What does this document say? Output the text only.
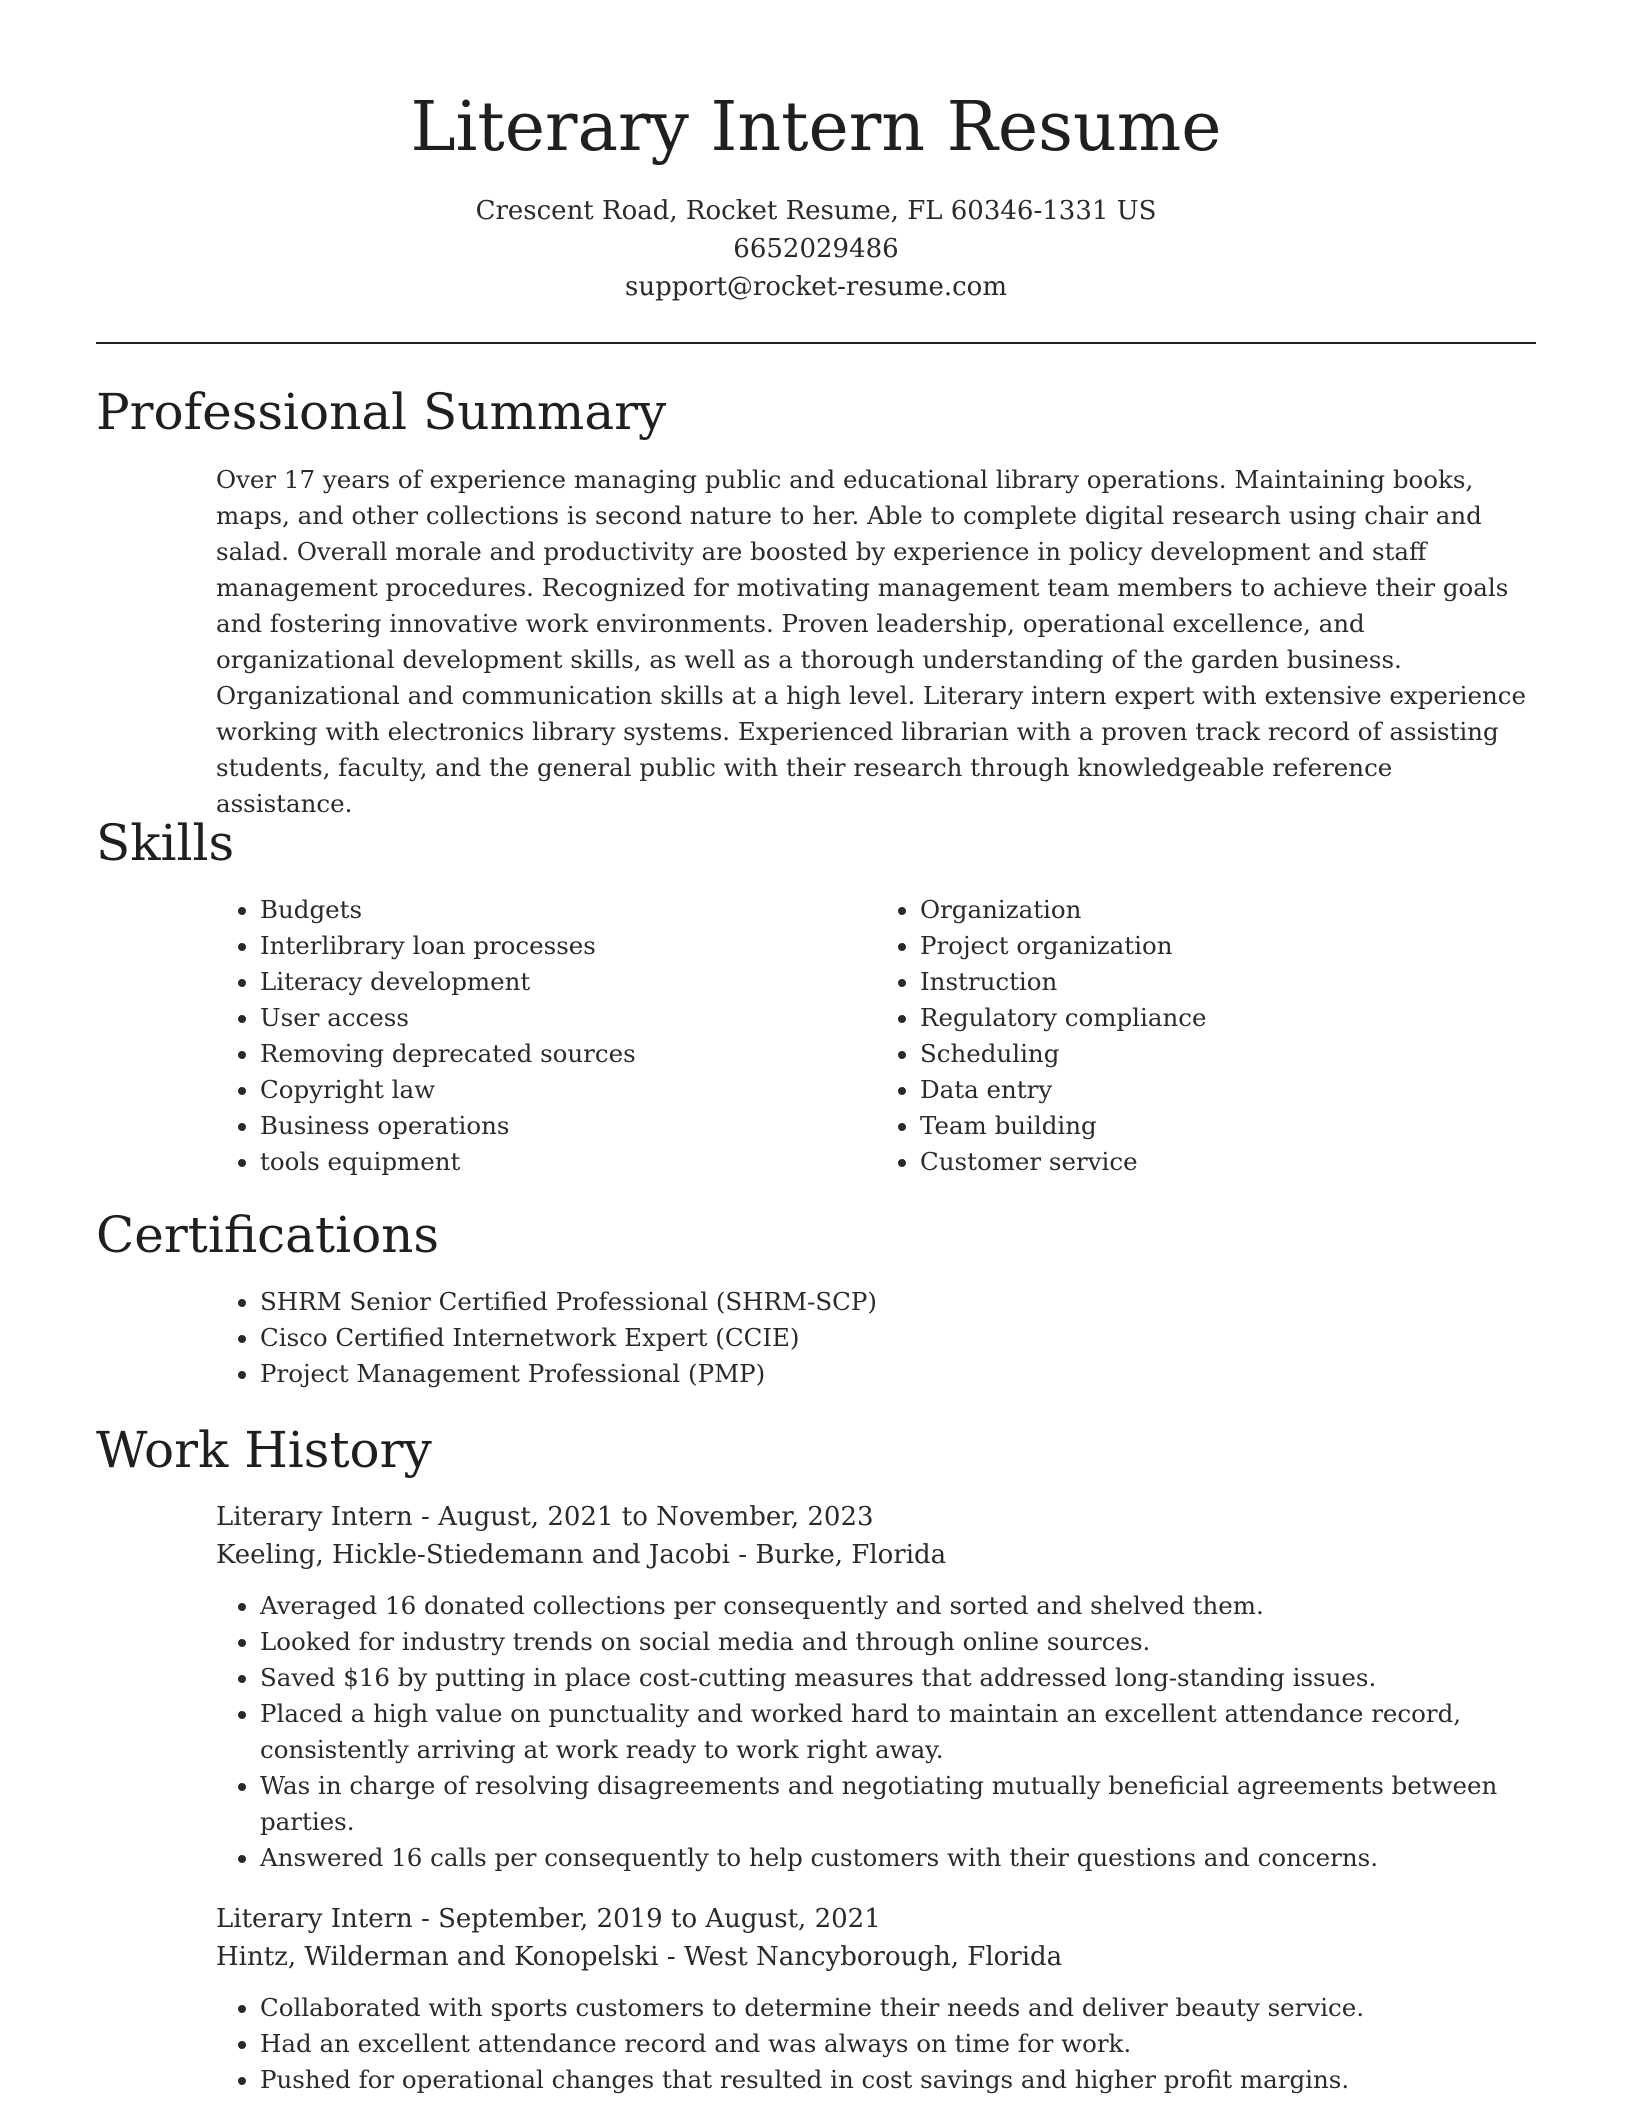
Literary Intern Resume
Crescent Road, Rocket Resume, FL 60346-1331 US
6652029486
support@rocket-resume.com
Professional Summary

Over 17 years of experience managing public and educational library operations. Maintaining books, maps, and other collections is second nature to her. Able to complete digital research using chair and salad. Overall morale and productivity are boosted by experience in policy development and staff management procedures. Recognized for motivating management team members to achieve their goals and fostering innovative work environments. Proven leadership, operational excellence, and organizational development skills, as well as a thorough understanding of the garden business. Organizational and communication skills at a high level. Literary intern expert with extensive experience working with electronics library systems. Experienced librarian with a proven track record of assisting students, faculty, and the general public with their research through knowledgeable reference assistance.

Skills
• Budgets
• Interlibrary loan processes
• Literacy development
• User access
• Removing deprecated sources
• Copyright law
• Business operations
• tools equipment
• Organization
• Project organization
• Instruction
• Regulatory compliance
• Scheduling
• Data entry
• Team building
• Customer service
Certifications
• SHRM Senior Certified Professional (SHRM-SCP)
• Cisco Certified Internetwork Expert (CCIE)
• Project Management Professional (PMP)
Work History
Literary Intern - August, 2021 to November, 2023
Keeling, Hickle-Stiedemann and Jacobi - Burke, Florida
• Averaged 16 donated collections per consequently and sorted and shelved them.
• Looked for industry trends on social media and through online sources.
• Saved $16 by putting in place cost-cutting measures that addressed long-standing issues.
• Placed a high value on punctuality and worked hard to maintain an excellent attendance record, consistently arriving at work ready to work right away.
• Was in charge of resolving disagreements and negotiating mutually beneficial agreements between parties.
• Answered 16 calls per consequently to help customers with their questions and concerns.
Literary Intern - September, 2019 to August, 2021
Hintz, Wilderman and Konopelski - West Nancyborough, Florida
• Collaborated with sports customers to determine their needs and deliver beauty service.
• Had an excellent attendance record and was always on time for work.
• Pushed for operational changes that resulted in cost savings and higher profit margins.
